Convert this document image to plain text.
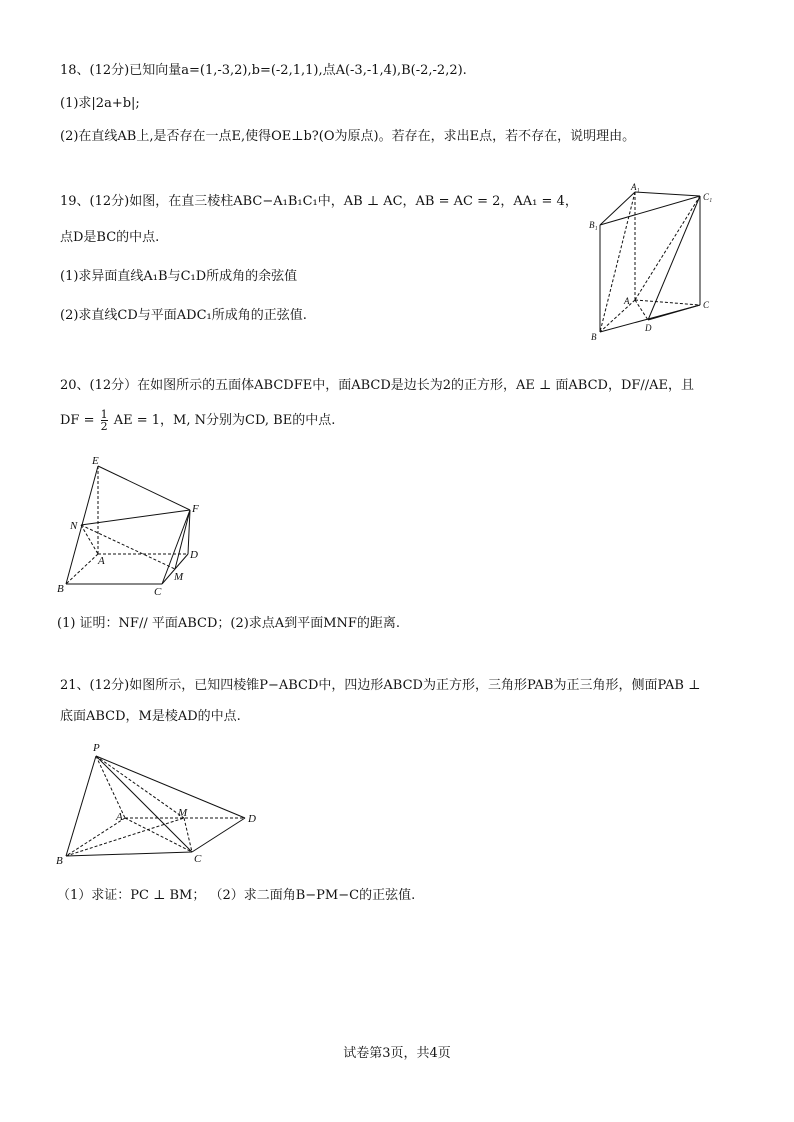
18、(12分)已知向量a=(1,-3,2),b=(-2,1,1),点A(-3,-1,4),B(-2,-2,2).
(1)求|2a+b|;
(2)在直线AB上,是否存在一点E,使得OE⊥b?(O为原点)。若存在，求出E点，若不存在，说明理由。
19、(12分)如图，在直三棱柱ABC−A₁B₁C₁中，AB ⊥ AC，AB = AC = 2，AA₁ = 4，
点D是BC的中点.
(1)求异面直线A₁B与C₁D所成角的余弦值
(2)求直线CD与平面ADC₁所成角的正弦值.
A₁
C₁
B₁
A	C
D
B
20、(12分）在如图所示的五面体ABCDFE中，面ABCD是边长为2的正方形，AE ⊥ 面ABCD，DF//AE，且
DF = $\frac{1}{2}$ AE = 1，M, N分别为CD, BE的中点.
E
F
N
D
A
M
B	C
(1) 证明：NF// 平面ABCD；(2)求点A到平面MNF的距离.
21、(12分)如图所示，已知四棱锥P−ABCD中，四边形ABCD为正方形，三角形PAB为正三角形，侧面PAB ⊥
底面ABCD，M是棱AD的中点.
P
A	M	D
B	C
（1）求证：PC ⊥ BM； （2）求二面角B−PM−C的正弦值.
试卷第3页，共4页
